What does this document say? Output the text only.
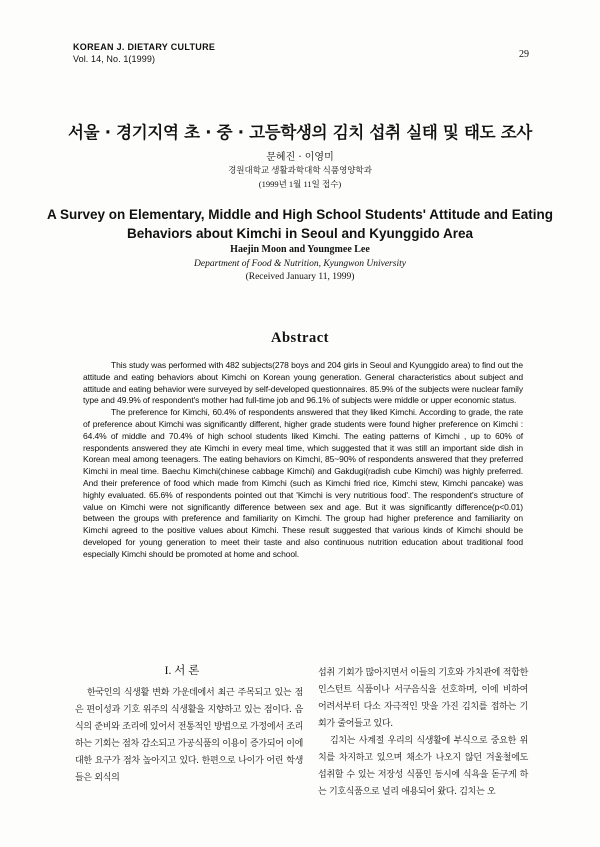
KOREAN J. DIETARY CULTURE
Vol. 14, No. 1(1999)	29
서울 · 경기지역 초 · 중 · 고등학생의 김치 섭취 실태 및 태도 조사
문혜진 · 이영미
경원대학교 생활과학대학 식품영양학과
(1999년 1월 11일 접수)
A Survey on Elementary, Middle and High School Students' Attitude and Eating
Behaviors about Kimchi in Seoul and Kyunggido Area
Haejin Moon and Youngmee Lee
Department of Food & Nutrition, Kyungwon University
(Received January 11, 1999)
Abstract

This study was performed with 482 subjects(278 boys and 204 girls in Seoul and Kyunggido area) to find out the attitude and eating behaviors about Kimchi on Korean young generation. General characteristics about subject and attitude and eating behavior were surveyed by self-developed questionnaires. 85.9% of the subjects were nuclear family type and 49.9% of respondent's mother had full-time job and 96.1% of subjects were middle or upper economic status.

The preference for Kimchi, 60.4% of respondents answered that they liked Kimchi. According to grade, the rate of preference about Kimchi was significantly different, higher grade students were found higher preference on Kimchi : 64.4% of middle and 70.4% of high school students liked Kimchi. The eating patterns of Kimchi , up to 60% of respondents answered they ate Kimchi in every meal time, which suggested that it was still an important side dish in Korean meal among teenagers. The eating behaviors on Kimchi, 85~90% of respondents answered that they preferred Kimchi in meal time. Baechu Kimchi(chinese cabbage Kimchi) and Gakdugi(radish cube Kimchi) was highly preferred. And their preference of food which made from Kimchi (such as Kimchi fried rice, Kimchi stew, Kimchi pancake) was highly evaluated. 65.6% of respondents pointed out that 'Kimchi is very nutritious food'. The respondent's structure of value on Kimchi were not significantly difference between sex and age. But it was significantly difference(p<0.01) between the groups with preference and familiarity on Kimchi. The group had higher preference and familiarity on Kimchi agreed to the positive values about Kimchi. These result suggested that various kinds of Kimchi should be developed for young generation to meet their taste and also continuous nutrition education about traditional food especially Kimchi should be promoted at home and school.

I. 서 론

한국인의 식생활 변화 가운데에서 최근 주목되고 있는 점은 편이성과 기호 위주의 식생활을 지향하고 있는 점이다. 음식의 준비와 조리에 있어서 전통적인 방법으로 가정에서 조리하는 기회는 점차 감소되고 가공식품의 이용이 증가되어 이에 대한 요구가 점차 높아지고 있다. 한편으로 나이가 어린 학생들은 외식의

섭취 기회가 많아지면서 이들의 기호와 가치관에 적합한 인스턴트 식품이나 서구음식을 선호하며, 이에 비하여 어려서부터 다소 자극적인 맛을 가진 김치를 접하는 기회가 줄어들고 있다.

김치는 사계절 우리의 식생활에 부식으로 중요한 위치를 차지하고 있으며 채소가 나오지 않던 겨울철에도 섭취할 수 있는 저장성 식품인 동시에 식욕을 돋구게 하는 기호식품으로 널리 애용되어 왔다. 김치는 오
